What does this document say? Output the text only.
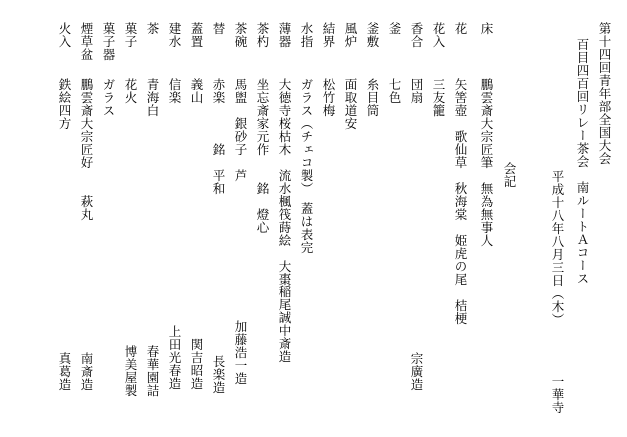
第十四回青年部全国大会
百目四百回リレー茶会　南ルートＡコース
平成十八年八月三日（木）
一華寺
会記
床
鵬雲斎大宗匠筆　無為無事人
花
矢筈壺　歌仙草　秋海棠　姫虎の尾　桔梗
花入
三友籠
香合
団扇
宗廣造
釜
七色
釜敷
糸目筒
風炉
面取道安
結界
松竹梅
水指
ガラス（チェコ製）　蓋は表完
薄器
大徳寺桜枯木　流水楓筏蒔絵　大棗
稲尾誠中斎造
茶杓
坐忘斎家元作　　銘　燈心
茶碗
馬盥　銀砂子　芦
加藤浩一造
替
赤楽　　　銘　平和
長楽造
蓋置
義山
関吉昭造
建水
信楽
上田光春造
茶
青海白
春華園詰
菓子
花火
博美屋製
菓子器
ガラス
煙草盆
鵬雲斎大宗匠好　　萩丸
南斎造
火入
鉄絵四方
真葛造
